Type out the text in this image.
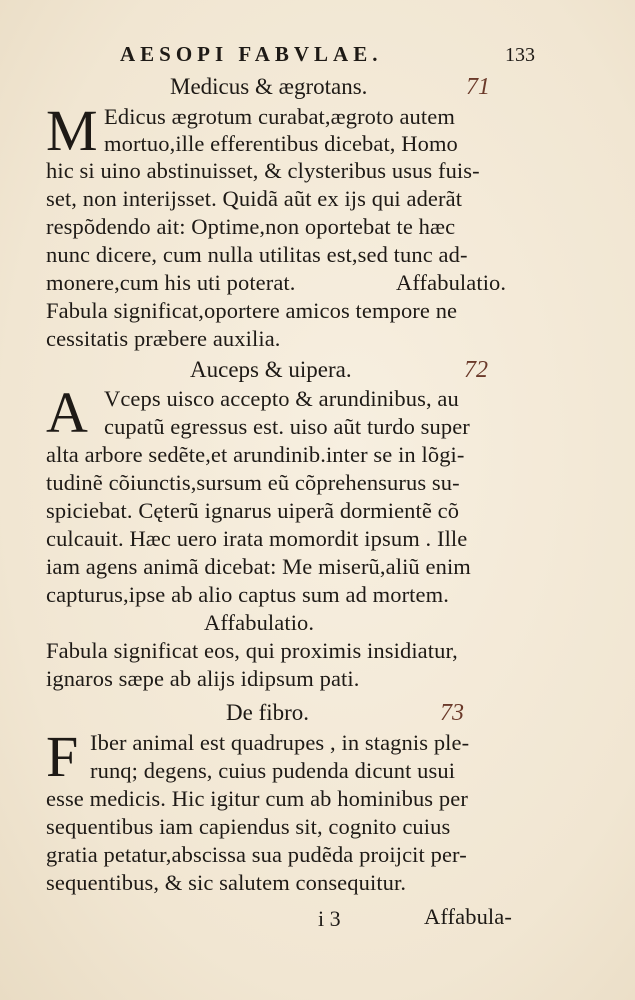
AESOPI FABVLAE.	133
Medicus & ægrotans.	71
M Edicus ægrotum curabat,ægroto autem
mortuo,ille efferentibus dicebat, Homo
hic si uino abstinuisset, & clysteribus usus fuis-
set, non interijsset. Quidã aũt ex ijs qui aderãt
respõdendo ait: Optime,non oportebat te hæc
nunc dicere, cum nulla utilitas est,sed tunc ad-
monere,cum his uti poterat.	Affabulatio.
Fabula significat,oportere amicos tempore ne
cessitatis præbere auxilia.
Auceps & uipera.	72
A Vceps uisco accepto & arundinibus, au
cupatũ egressus est. uiso aũt turdo super
alta arbore sedẽte,et arundinib.inter se in lõgi-
tudinẽ cõiunctis,sursum eũ cõprehensurus su-
spiciebat. Cęterũ ignarus uiperã dormientẽ cõ
culcauit. Hæc uero irata momordit ipsum . Ille
iam agens animã dicebat: Me miserũ,aliũ enim
capturus,ipse ab alio captus sum ad mortem.
Affabulatio.
Fabula significat eos, qui proximis insidiatur,
ignaros sæpe ab alijs idipsum pati.
De fibro.	73
F Iber animal est quadrupes , in stagnis ple-
runq; degens, cuius pudenda dicunt usui
esse medicis. Hic igitur cum ab hominibus per
sequentibus iam capiendus sit, cognito cuius
gratia petatur,abscissa sua pudẽda proijcit per-
sequentibus, & sic salutem consequitur.
i 3	Affabula-
